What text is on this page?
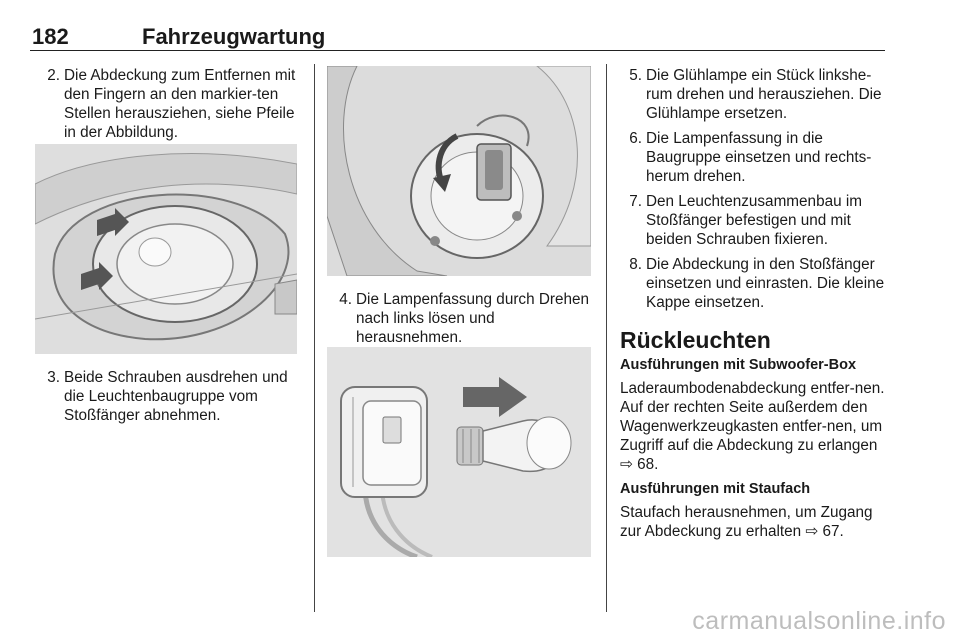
182	Fahrzeugwartung
2. Die Abdeckung zum Entfernen mit den Fingern an den markier-ten Stellen herausziehen, siehe Pfeile in der Abbildung.
3. Beide Schrauben ausdrehen und die Leuchtenbaugruppe vom Stoßfänger abnehmen.
4. Die Lampenfassung durch Drehen nach links lösen und herausnehmen.
5. Die Glühlampe ein Stück linkshe-rum drehen und herausziehen. Die Glühlampe ersetzen.
6. Die Lampenfassung in die Baugruppe einsetzen und rechts-herum drehen.
7. Den Leuchtenzusammenbau im Stoßfänger befestigen und mit beiden Schrauben fixieren.
8. Die Abdeckung in den Stoßfänger einsetzen und einrasten. Die kleine Kappe einsetzen.
Rückleuchten

Ausführungen mit Subwoofer-Box

Laderaumbodenabdeckung entfer-nen. Auf der rechten Seite außerdem den Wagenwerkzeugkasten entfer-nen, um Zugriff auf die Abdeckung zu erlangen ⇨ 68.

Ausführungen mit Staufach

Staufach herausnehmen, um Zugang zur Abdeckung zu erhalten ⇨ 67.

carmanualsonline.info
